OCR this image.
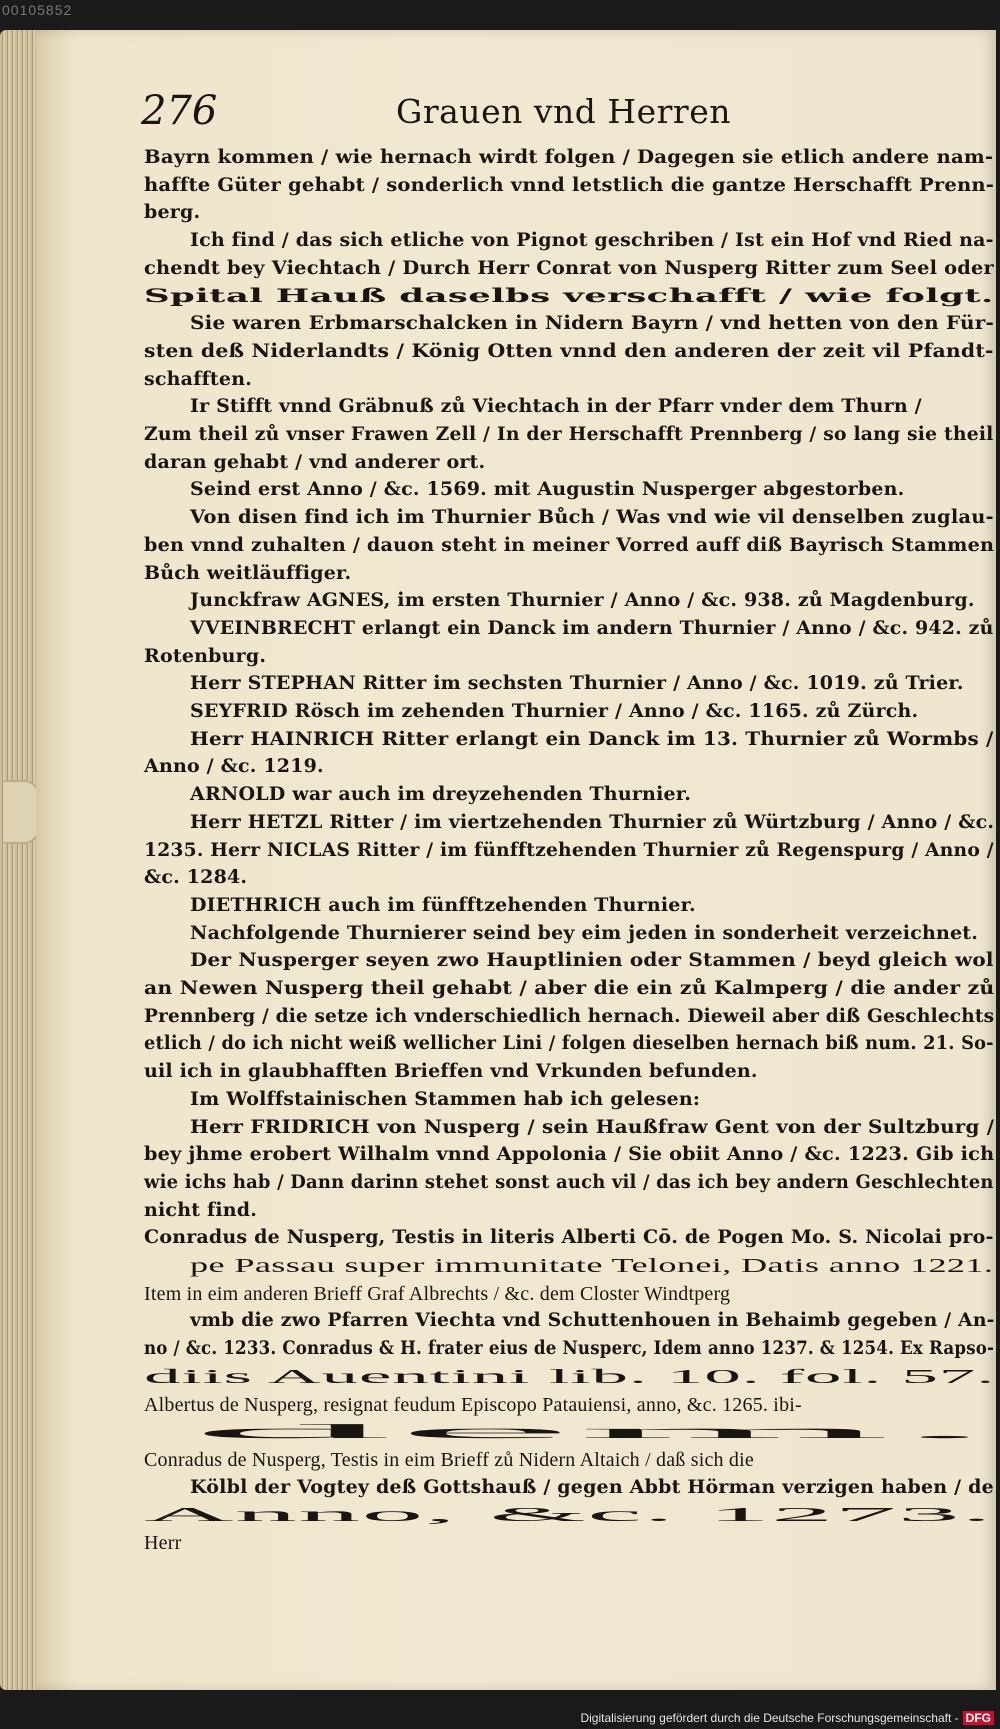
00105852
276	Grauen vnd Herren
Bayrn kommen / wie hernach wirdt folgen / Dagegen sie etlich andere nam-
haffte Güter gehabt / sonderlich vnnd letstlich die gantze Herschafft Prenn-
berg.
Ich find / das sich etliche von Pignot geschriben / Ist ein Hof vnd Ried na-
chendt bey Viechtach / Durch Herr Conrat von Nusperg Ritter zum Seel oder
Spital Hauß daselbs verschafft / wie folgt.
Sie waren Erbmarschalcken in Nidern Bayrn / vnd hetten von den Für-
sten deß Niderlandts / König Otten vnnd den anderen der zeit vil Pfandt-
schafften.
Ir Stifft vnnd Gräbnuß zů Viechtach in der Pfarr vnder dem Thurn /
Zum theil zů vnser Frawen Zell / In der Herschafft Prennberg / so lang sie theil
daran gehabt / vnd anderer ort.
Seind erst Anno / &c. 1569. mit Augustin Nusperger abgestorben.
Von disen find ich im Thurnier Bůch / Was vnd wie vil denselben zuglau-
ben vnnd zuhalten / dauon steht in meiner Vorred auff diß Bayrisch Stammen
Bůch weitläuffiger.
Junckfraw AGNES, im ersten Thurnier / Anno / &c. 938. zů Magdenburg.
VVEINBRECHT erlangt ein Danck im andern Thurnier / Anno / &c. 942. zů
Rotenburg.
Herr STEPHAN Ritter im sechsten Thurnier / Anno / &c. 1019. zů Trier.
SEYFRID Rösch im zehenden Thurnier / Anno / &c. 1165. zů Zürch.
Herr HAINRICH Ritter erlangt ein Danck im 13. Thurnier zů Wormbs /
Anno / &c. 1219.
ARNOLD war auch im dreyzehenden Thurnier.
Herr HETZL Ritter / im viertzehenden Thurnier zů Würtzburg / Anno / &c.
1235. Herr NICLAS Ritter / im fünfftzehenden Thurnier zů Regenspurg / Anno /
&c. 1284.
DIETHRICH auch im fünfftzehenden Thurnier.
Nachfolgende Thurnierer seind bey eim jeden in sonderheit verzeichnet.
Der Nusperger seyen zwo Hauptlinien oder Stammen / beyd gleich wol
an Newen Nusperg theil gehabt / aber die ein zů Kalmperg / die ander zů
Prennberg / die setze ich vnderschiedlich hernach. Dieweil aber diß Geschlechts
etlich / do ich nicht weiß wellicher Lini / folgen dieselben hernach biß num. 21. So-
uil ich in glaubhafften Brieffen vnd Vrkunden befunden.
Im Wolffstainischen Stammen hab ich gelesen:
Herr FRIDRICH von Nusperg / sein Haußfraw Gent von der Sultzburg /
bey jhme erobert Wilhalm vnnd Appolonia / Sie obiit Anno / &c. 1223. Gib ich
wie ichs hab / Dann darinn stehet sonst auch vil / das ich bey andern Geschlechten
nicht find.
Conradus de Nusperg, Testis in literis Alberti Cō. de Pogen Mo. S. Nicolai pro-
pe Passau super immunitate Telonei, Datis anno 1221.
Item in eim anderen Brieff Graf Albrechts / &c. dem Closter Windtperg
vmb die zwo Pfarren Viechta vnd Schuttenhouen in Behaimb gegeben / An-
no / &c. 1233. Conradus & H. frater eius de Nusperc, Idem anno 1237. & 1254. Ex Rapso-
diis Auentini lib. 10. fol. 57.
Albertus de Nusperg, resignat feudum Episcopo Patauiensi, anno, &c. 1265. ibi-
dem.
Conradus de Nusperg, Testis in eim Brieff zů Nidern Altaich / daß sich die
Kölbl der Vogtey deß Gottshauß / gegen Abbt Hörman verzigen haben / de
Anno, &c. 1273.
Herr
Digitalisierung gefördert durch die Deutsche Forschungsgemeinschaft - DFG
